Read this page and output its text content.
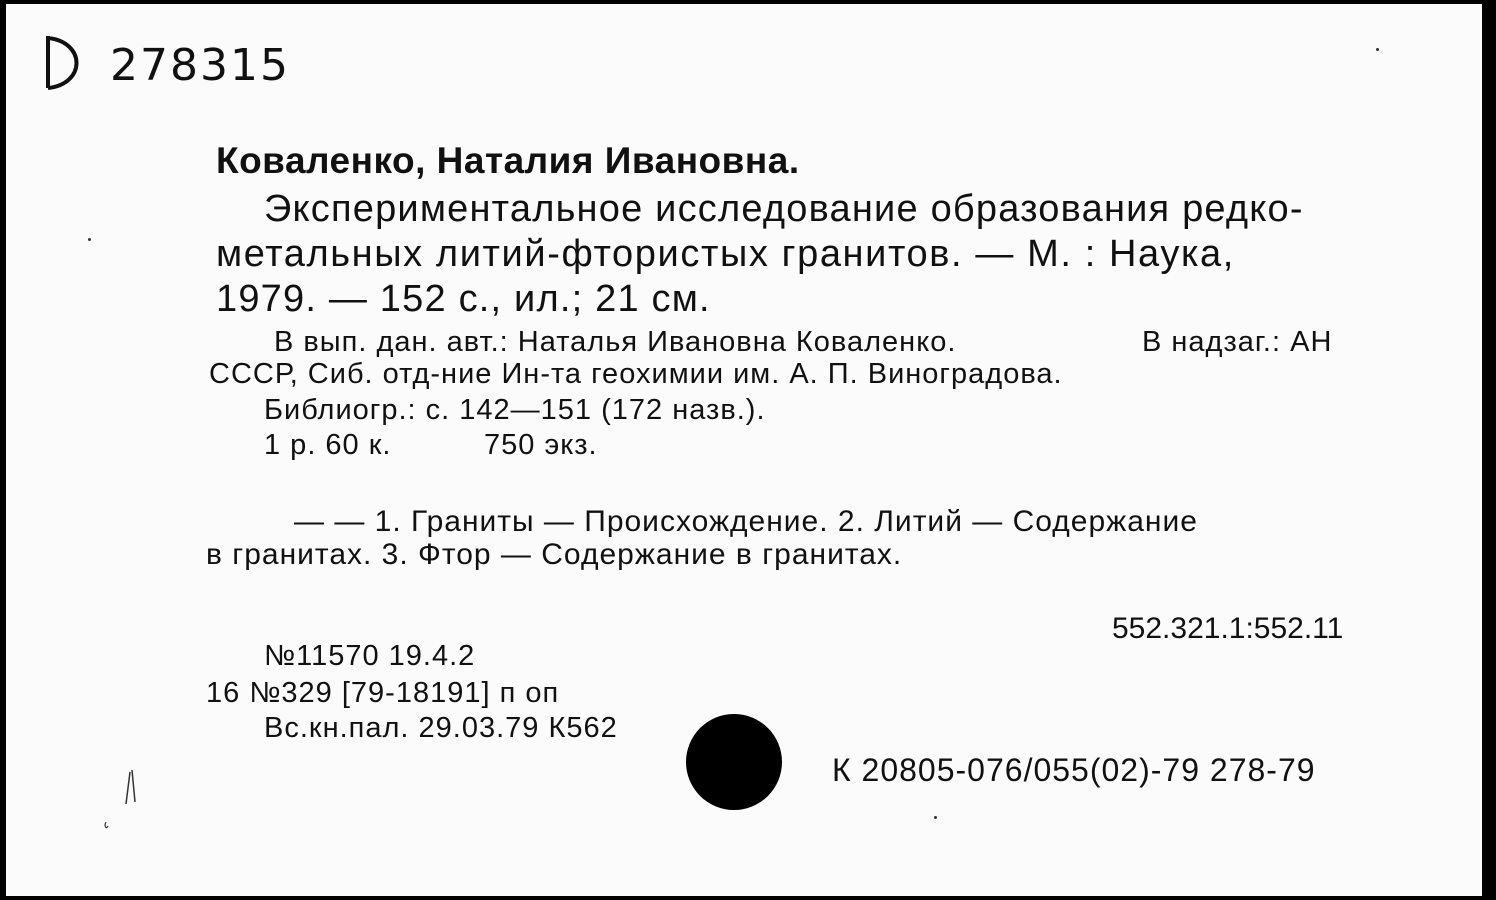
278315
Коваленко, Наталия Ивановна.
Экспериментальное исследование образования редко-
метальных литий-фтористых гранитов. — М. : Наука,
1979. — 152 с., ил.; 21 см.
В вып. дан. авт.: Наталья Ивановна Коваленко.	В надзаг.: АН
СССР, Сиб. отд-ние Ин-та геохимии им. А. П. Виноградова.
Библиогр.: с. 142—151 (172 назв.).
1 р. 60 к.	750 экз.
— — 1. Граниты — Происхождение. 2. Литий — Содержание
в гранитах. 3. Фтор — Содержание в гранитах.
552.321.1:552.11
№11570 19.4.2
16 №329 [79-18191] п оп
Вс.кн.пал. 29.03.79 К562
К 20805-076/055(02)-79 278-79
